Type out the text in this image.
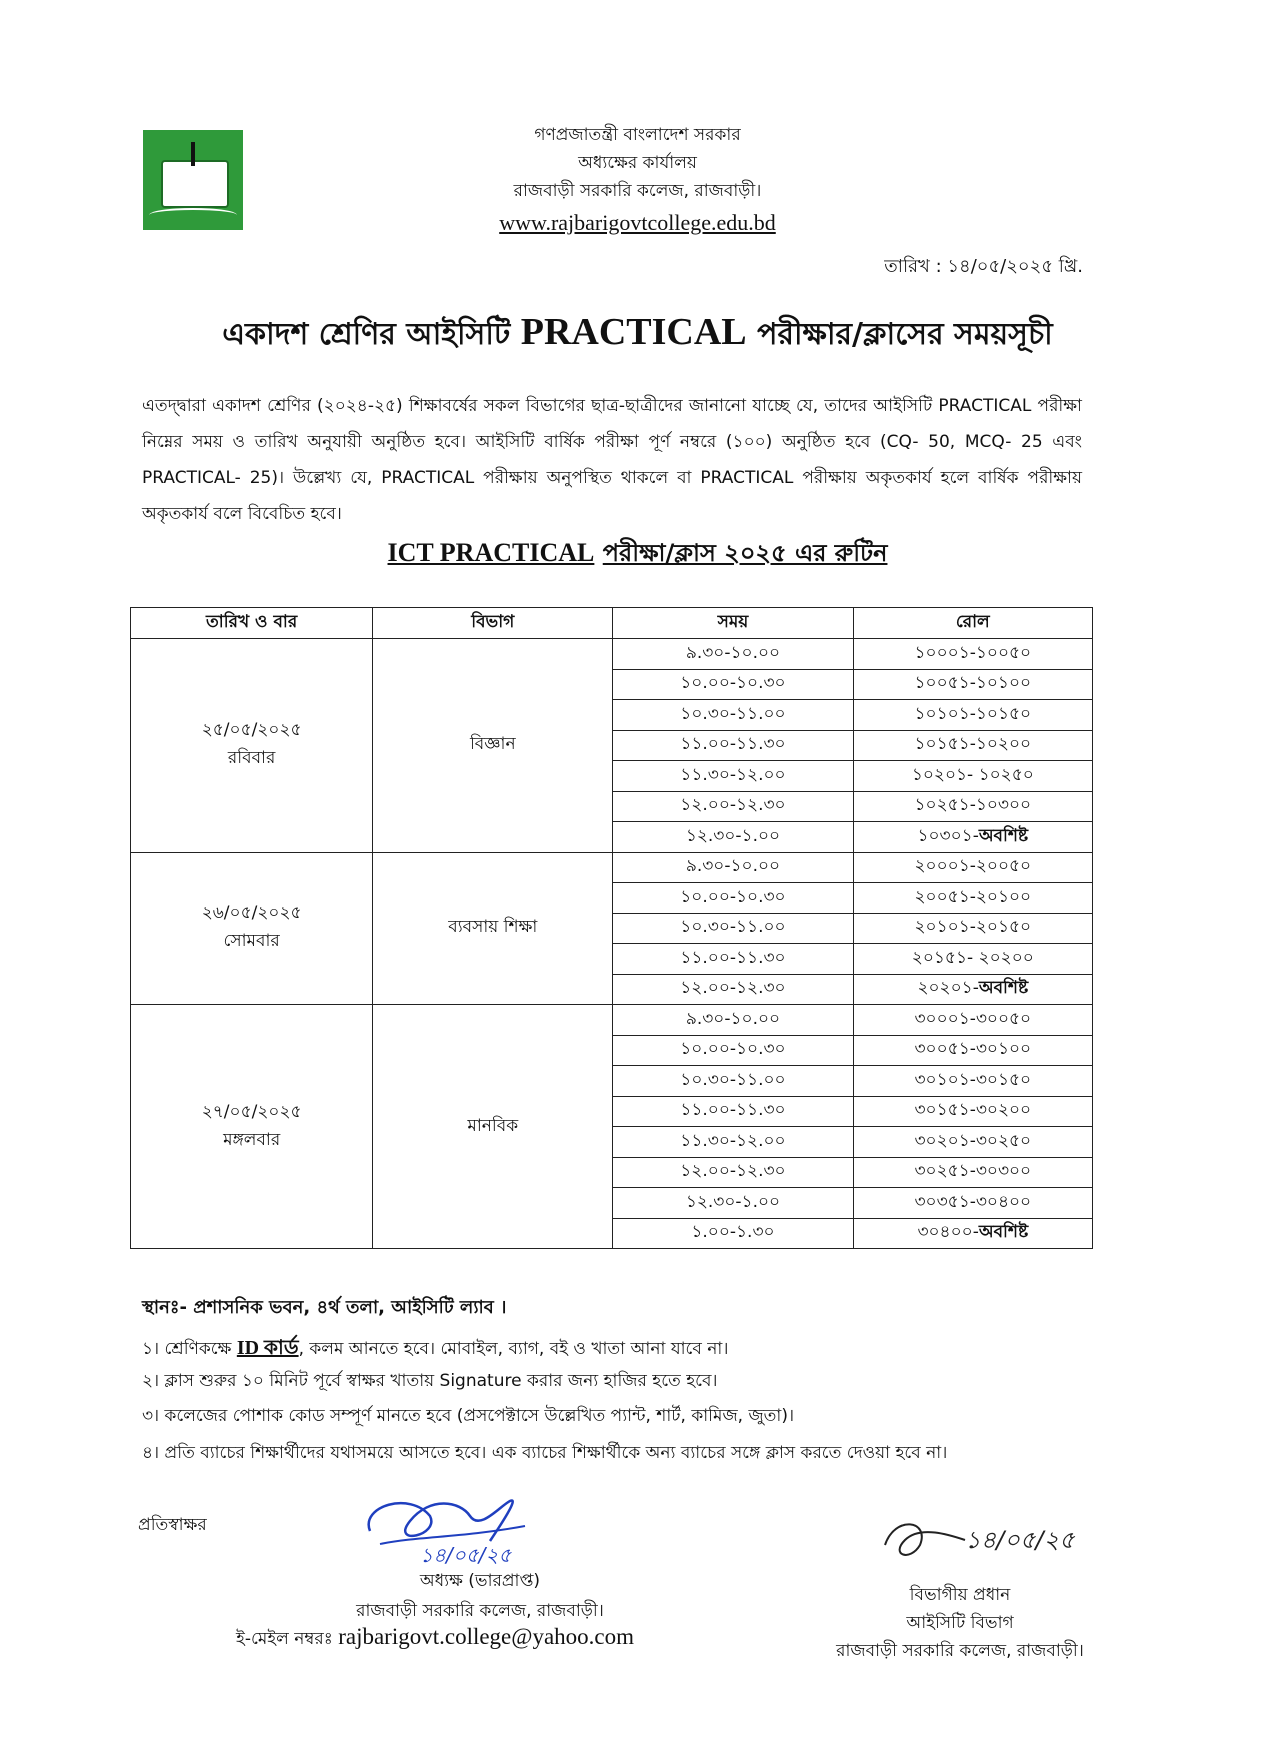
গণপ্রজাতন্ত্রী বাংলাদেশ সরকার
অধ্যক্ষের কার্যালয়
রাজবাড়ী সরকারি কলেজ, রাজবাড়ী।
www.rajbarigovtcollege.edu.bd
তারিখ : ১৪/০৫/২০২৫ খ্রি.
একাদশ শ্রেণির আইসিটি PRACTICAL পরীক্ষার/ক্লাসের সময়সূচী
এতদ্দ্বারা একাদশ শ্রেণির (২০২৪-২৫) শিক্ষাবর্ষের সকল বিভাগের ছাত্র-ছাত্রীদের জানানো যাচ্ছে যে, তাদের আইসিটি PRACTICAL পরীক্ষা নিম্নের সময় ও তারিখ অনুযায়ী অনুষ্ঠিত হবে। আইসিটি বার্ষিক পরীক্ষা পূর্ণ নম্বরে (১০০) অনুষ্ঠিত হবে (CQ- 50, MCQ- 25 এবং PRACTICAL- 25)। উল্লেখ্য যে, PRACTICAL পরীক্ষায় অনুপস্থিত থাকলে বা PRACTICAL পরীক্ষায় অকৃতকার্য হলে বার্ষিক পরীক্ষায় অকৃতকার্য বলে বিবেচিত হবে।
ICT PRACTICAL পরীক্ষা/ক্লাস ২০২৫ এর রুটিন
তারিখ ও বার	বিভাগ	সময়	রোল

২৫/০৫/২০২৫
রবিবার	বিজ্ঞান	৯.৩০-১০.০০	১০০০১-১০০৫০
		১০.০০-১০.৩০	১০০৫১-১০১০০
		১০.৩০-১১.০০	১০১০১-১০১৫০
		১১.০০-১১.৩০	১০১৫১-১০২০০
		১১.৩০-১২.০০	১০২০১- ১০২৫০
		১২.০০-১২.৩০	১০২৫১-১০৩০০
		১২.৩০-১.০০	১০৩০১-অবশিষ্ট

২৬/০৫/২০২৫
সোমবার	ব্যবসায় শিক্ষা	৯.৩০-১০.০০	২০০০১-২০০৫০
		১০.০০-১০.৩০	২০০৫১-২০১০০
		১০.৩০-১১.০০	২০১০১-২০১৫০
		১১.০০-১১.৩০	২০১৫১- ২০২০০
		১২.০০-১২.৩০	২০২০১-অবশিষ্ট

২৭/০৫/২০২৫
মঙ্গলবার	মানবিক	৯.৩০-১০.০০	৩০০০১-৩০০৫০
		১০.০০-১০.৩০	৩০০৫১-৩০১০০
		১০.৩০-১১.০০	৩০১০১-৩০১৫০
		১১.০০-১১.৩০	৩০১৫১-৩০২০০
		১১.৩০-১২.০০	৩০২০১-৩০২৫০
		১২.০০-১২.৩০	৩০২৫১-৩০৩০০
		১২.৩০-১.০০	৩০৩৫১-৩০৪০০
		১.০০-১.৩০	৩০৪০০-অবশিষ্ট
স্থানঃ- প্রশাসনিক ভবন, ৪র্থ তলা, আইসিটি ল্যাব ।
১। শ্রেণিকক্ষে ID কার্ড, কলম আনতে হবে। মোবাইল, ব্যাগ, বই ও খাতা আনা যাবে না।
২। ক্লাস শুরুর ১০ মিনিট পূর্বে স্বাক্ষর খাতায় Signature করার জন্য হাজির হতে হবে।
৩। কলেজের পোশাক কোড সম্পূর্ণ মানতে হবে (প্রসপেক্টাসে উল্লেখিত প্যান্ট, শার্ট, কামিজ, জুতা)।
৪। প্রতি ব্যাচের শিক্ষার্থীদের যথাসময়ে আসতে হবে। এক ব্যাচের শিক্ষার্থীকে অন্য ব্যাচের সঙ্গে ক্লাস করতে দেওয়া হবে না।
প্রতিস্বাক্ষর
১৪/০৫/২৫
১৪/০৫/২৫
অধ্যক্ষ (ভারপ্রাপ্ত)
রাজবাড়ী সরকারি কলেজ, রাজবাড়ী।
ই-মেইল নম্বরঃ rajbarigovt.college@yahoo.com
বিভাগীয় প্রধান
আইসিটি বিভাগ
রাজবাড়ী সরকারি কলেজ, রাজবাড়ী।
